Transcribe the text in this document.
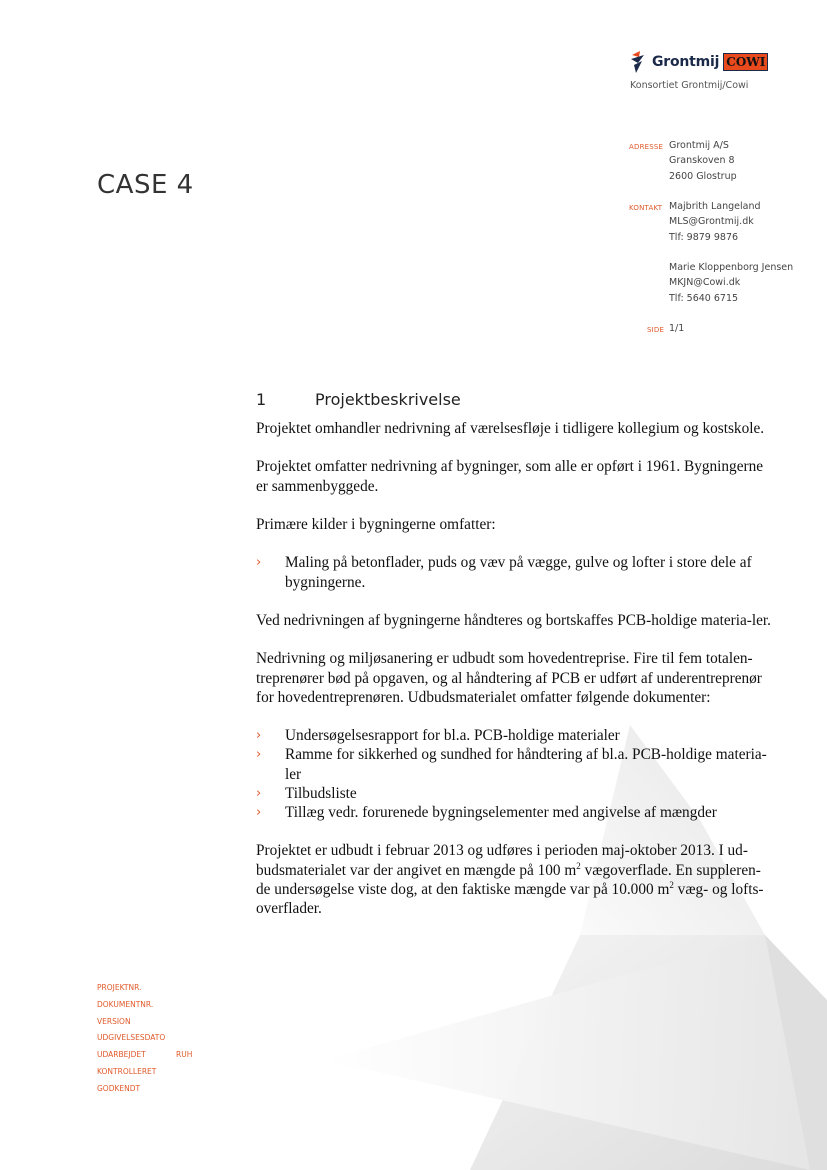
Grontmij COWI
Konsortiet Grontmij/Cowi
ADRESSE Grontmij A/S
Granskoven 8
2600 Glostrup
KONTAKT Majbrith Langeland
MLS@Grontmij.dk
Tlf: 9879 9876
Marie Kloppenborg Jensen
MKJN@Cowi.dk
Tlf: 5640 6715
SIDE 1/1
CASE 4
1	Projektbeskrivelse

Projektet omhandler nedrivning af værelsesfløje i tidligere kollegium og kostskole.

Projektet omfatter nedrivning af bygninger, som alle er opført i 1961. Bygningerne er sammenbyggede.

Primære kilder i bygningerne omfatter:

› Maling på betonflader, puds og væv på vægge, gulve og lofter i store dele af bygningerne.

Ved nedrivningen af bygningerne håndteres og bortskaffes PCB-holdige materia-ler.

Nedrivning og miljøsanering er udbudt som hovedentreprise. Fire til fem totalen-treprenører bød på opgaven, og al håndtering af PCB er udført af underentreprenør for hovedentreprenøren. Udbudsmaterialet omfatter følgende dokumenter:

› Undersøgelsesrapport for bl.a. PCB-holdige materialer
› Ramme for sikkerhed og sundhed for håndtering af bl.a. PCB-holdige materia-ler
› Tilbudsliste
› Tillæg vedr. forurenede bygningselementer med angivelse af mængder

Projektet er udbudt i februar 2013 og udføres i perioden maj-oktober 2013. I ud-budsmaterialet var der angivet en mængde på 100 $m^2$ vægoverflade. En suppleren-de undersøgelse viste dog, at den faktiske mængde var på 10.000 $m^2$ væg- og lofts-overflader.

PROJEKTNR.
DOKUMENTNR.
VERSION
UDGIVELSESDATO
UDARBEJDET	RUH
KONTROLLERET
GODKENDT
